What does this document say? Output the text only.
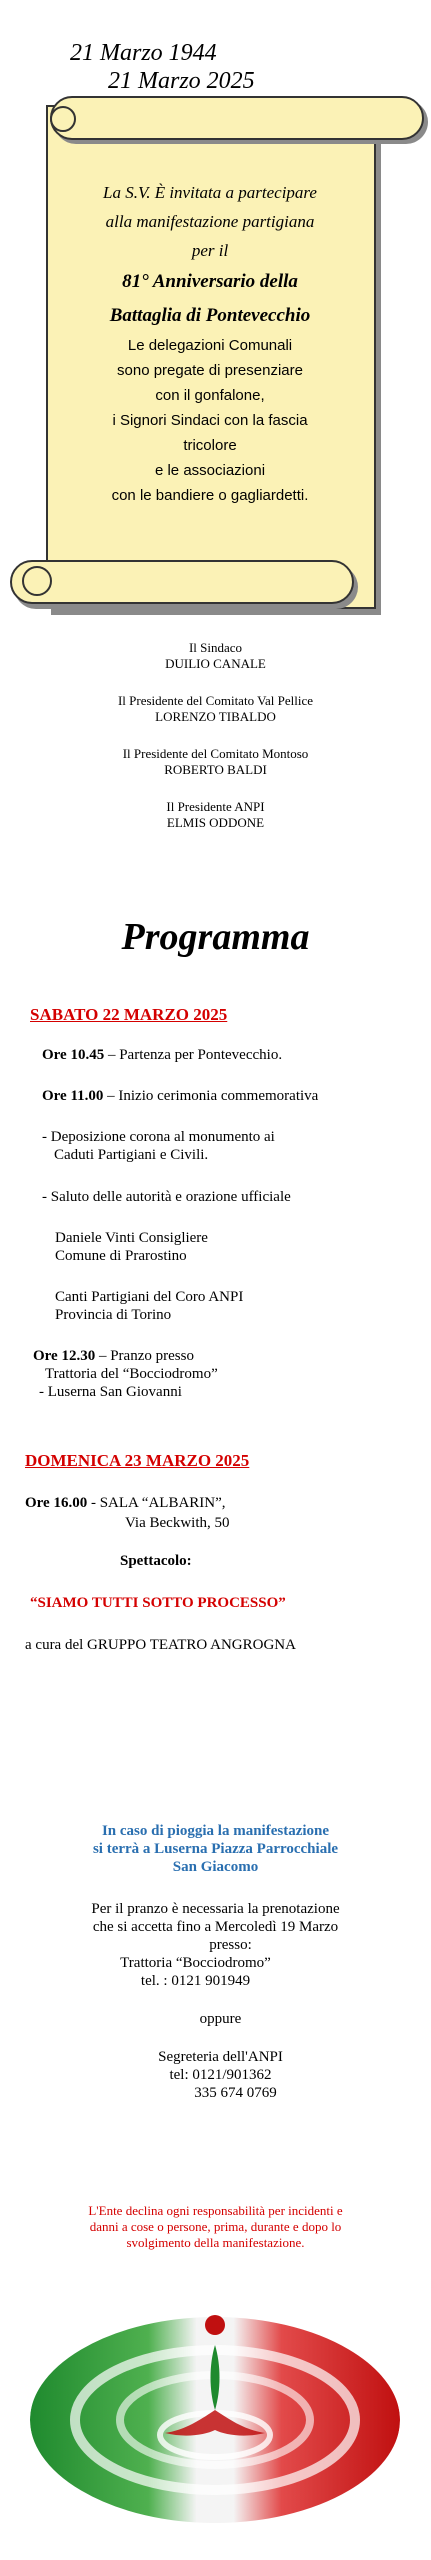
21 Marzo 1944
21 Marzo 2025
La S.V. È invitata a partecipare
alla manifestazione partigiana
per il
81° Anniversario della
Battaglia di Pontevecchio
Le delegazioni Comunali
sono pregate di presenziare
con il gonfalone,
i Signori Sindaci con la fascia
tricolore
e le associazioni
con le bandiere o gagliardetti.
Il Sindaco
DUILIO CANALE
Il Presidente del Comitato Val Pellice
LORENZO TIBALDO
Il Presidente del Comitato Montoso
ROBERTO BALDI
Il Presidente ANPI
ELMIS ODDONE
Programma
SABATO 22 MARZO 2025
Ore 10.45 – Partenza per Pontevecchio.
Ore 11.00 – Inizio cerimonia commemorativa
- Deposizione corona al monumento ai
Caduti Partigiani e Civili.
- Saluto delle autorità e orazione ufficiale
Daniele Vinti Consigliere
Comune di Prarostino
Canti Partigiani del Coro ANPI
Provincia di Torino
Ore 12.30 – Pranzo presso
Trattoria del “Bocciodromo”
- Luserna San Giovanni
DOMENICA 23 MARZO 2025
Ore 16.00 - SALA “ALBARIN”,
Via Beckwith, 50
Spettacolo:
“SIAMO TUTTI SOTTO PROCESSO”
a cura del GRUPPO TEATRO ANGROGNA
In caso di pioggia la manifestazione
si terrà a Luserna Piazza Parrocchiale
San Giacomo
Per il pranzo è necessaria la prenotazione
che si accetta fino a Mercoledì 19 Marzo
presso:
Trattoria “Bocciodromo”
tel. : 0121 901949
oppure
Segreteria dell'ANPI
tel: 0121/901362
335 674 0769
L'Ente declina ogni responsabilità per incidenti e
danni a cose o persone, prima, durante e dopo lo
svolgimento della manifestazione.
